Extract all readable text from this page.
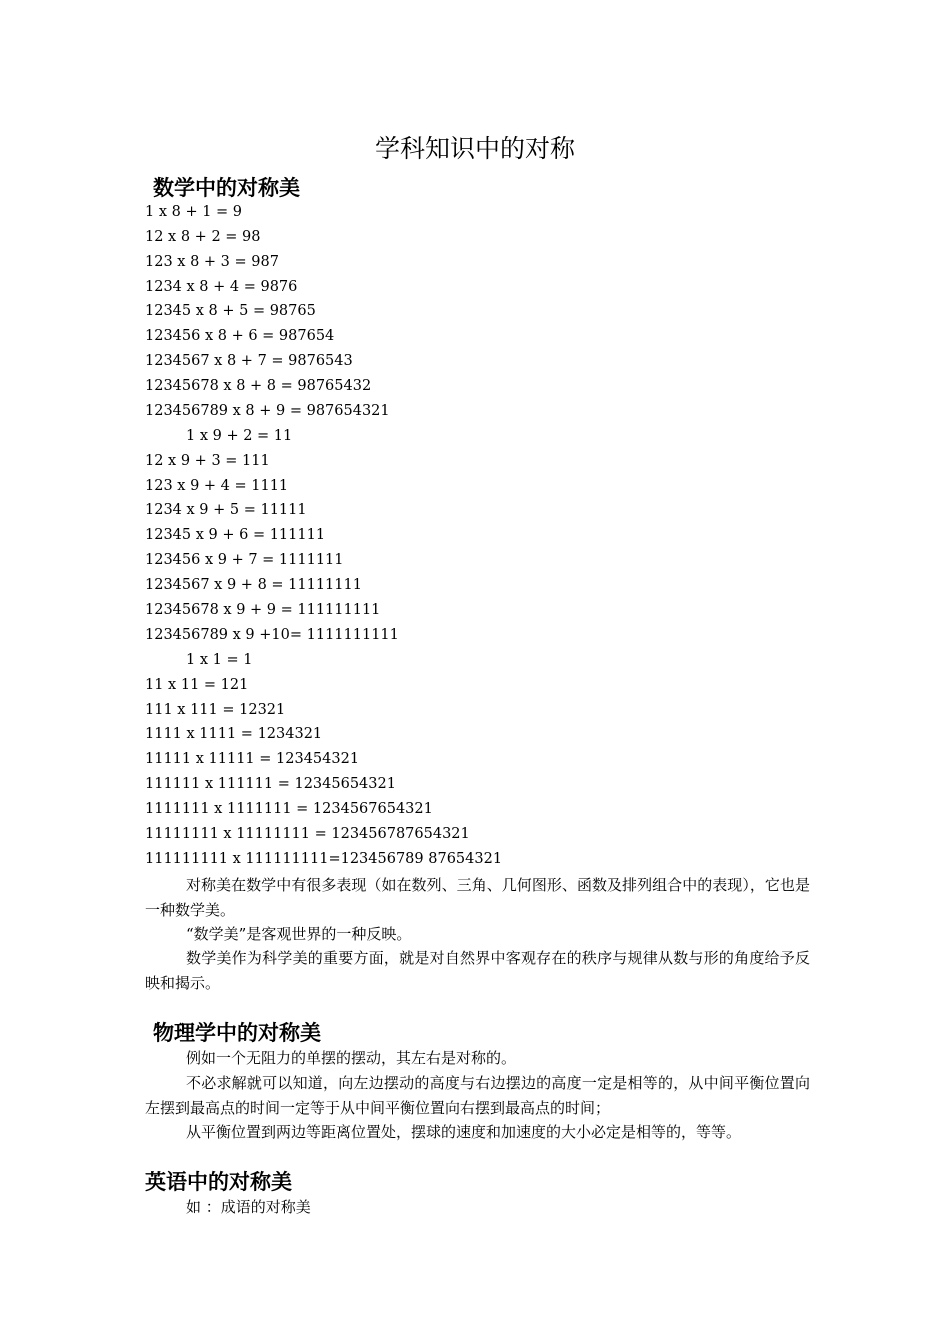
学科知识中的对称
数学中的对称美
1 x 8 + 1 = 9
12 x 8 + 2 = 98
123 x 8 + 3 = 987
1234 x 8 + 4 = 9876
12345 x 8 + 5 = 98765
123456 x 8 + 6 = 987654
1234567 x 8 + 7 = 9876543
12345678 x 8 + 8 = 98765432
123456789 x 8 + 9 = 987654321
1 x 9 + 2 = 11
12 x 9 + 3 = 111
123 x 9 + 4 = 1111
1234 x 9 + 5 = 11111
12345 x 9 + 6 = 111111
123456 x 9 + 7 = 1111111
1234567 x 9 + 8 = 11111111
12345678 x 9 + 9 = 111111111
123456789 x 9 +10= 1111111111
1 x 1 = 1
11 x 11 = 121
111 x 111 = 12321
1111 x 1111 = 1234321
11111 x 11111 = 123454321
111111 x 111111 = 12345654321
1111111 x 1111111 = 1234567654321
11111111 x 11111111 = 123456787654321
111111111 x 111111111=123456789 87654321
对称美在数学中有很多表现（如在数列、三角、几何图形、函数及排列组合中的表现），它也是 一种数学美。
“数学美”是客观世界的一种反映。
数学美作为科学美的重要方面，就是对自然界中客观存在的秩序与规律从数与形的角度给予反映和揭示。
物理学中的对称美
例如一个无阻力的单摆的摆动，其左右是对称的。
不必求解就可以知道，向左边摆动的高度与右边摆边的高度一定是相等的，从中间平衡位置向左摆到最高点的时间一定等于从中间平衡位置向右摆到最高点的时间；
从平衡位置到两边等距离位置处，摆球的速度和加速度的大小必定是相等的，等等。
英语中的对称美
如 ：成语的对称美
